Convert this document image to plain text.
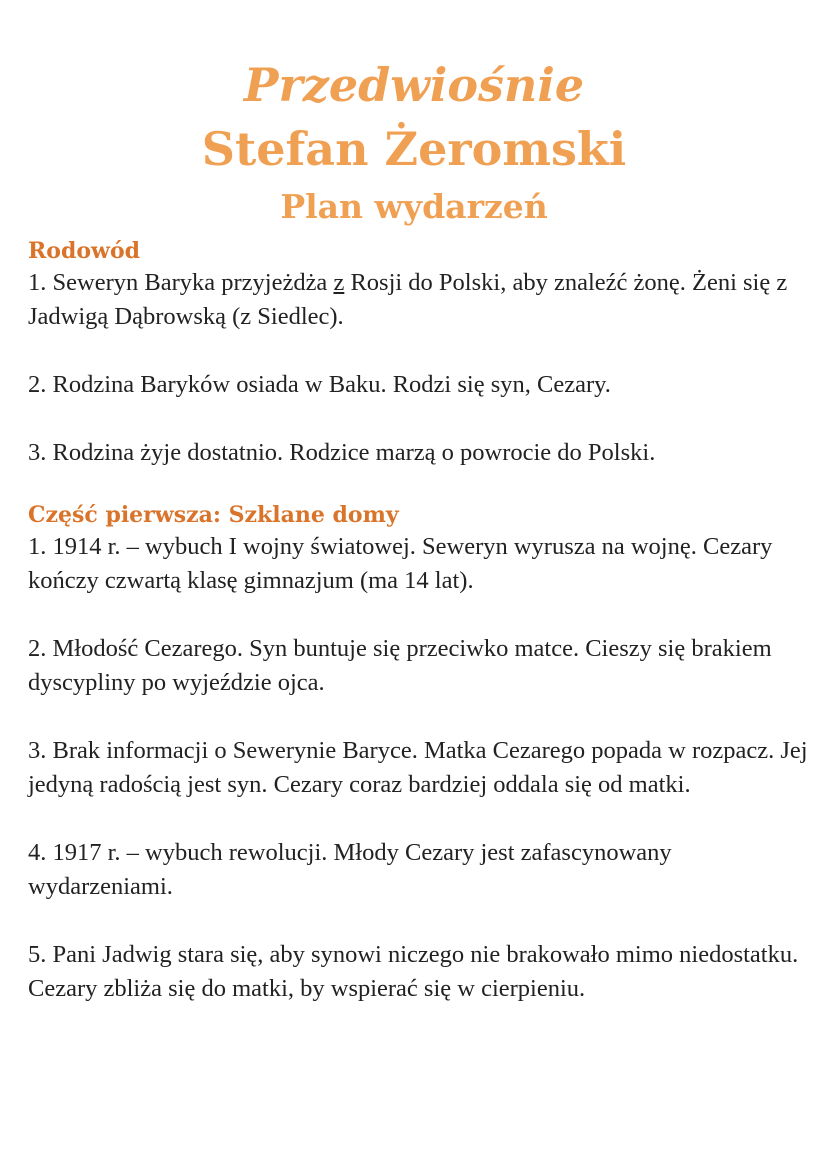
Przedwiośnie
Stefan Żeromski
Plan wydarzeń
Rodowód
1. Seweryn Baryka przyjeżdża z Rosji do Polski, aby znaleźć żonę. Żeni się z Jadwigą Dąbrowską (z Siedlec).
2. Rodzina Baryków osiada w Baku. Rodzi się syn, Cezary.
3. Rodzina żyje dostatnio. Rodzice marzą o powrocie do Polski.
Część pierwsza: Szklane domy
1. 1914 r. – wybuch I wojny światowej. Seweryn wyrusza na wojnę. Cezary kończy czwartą klasę gimnazjum (ma 14 lat).
2. Młodość Cezarego. Syn buntuje się przeciwko matce. Cieszy się brakiem dyscypliny po wyjeździe ojca.
3. Brak informacji o Sewerynie Baryce. Matka Cezarego popada w rozpacz. Jej jedyną radością jest syn. Cezary coraz bardziej oddala się od matki.
4. 1917 r. – wybuch rewolucji. Młody Cezary jest zafascynowany wydarzeniami.
5. Pani Jadwig stara się, aby synowi niczego nie brakowało mimo niedostatku. Cezary zbliża się do matki, by wspierać się w cierpieniu.
